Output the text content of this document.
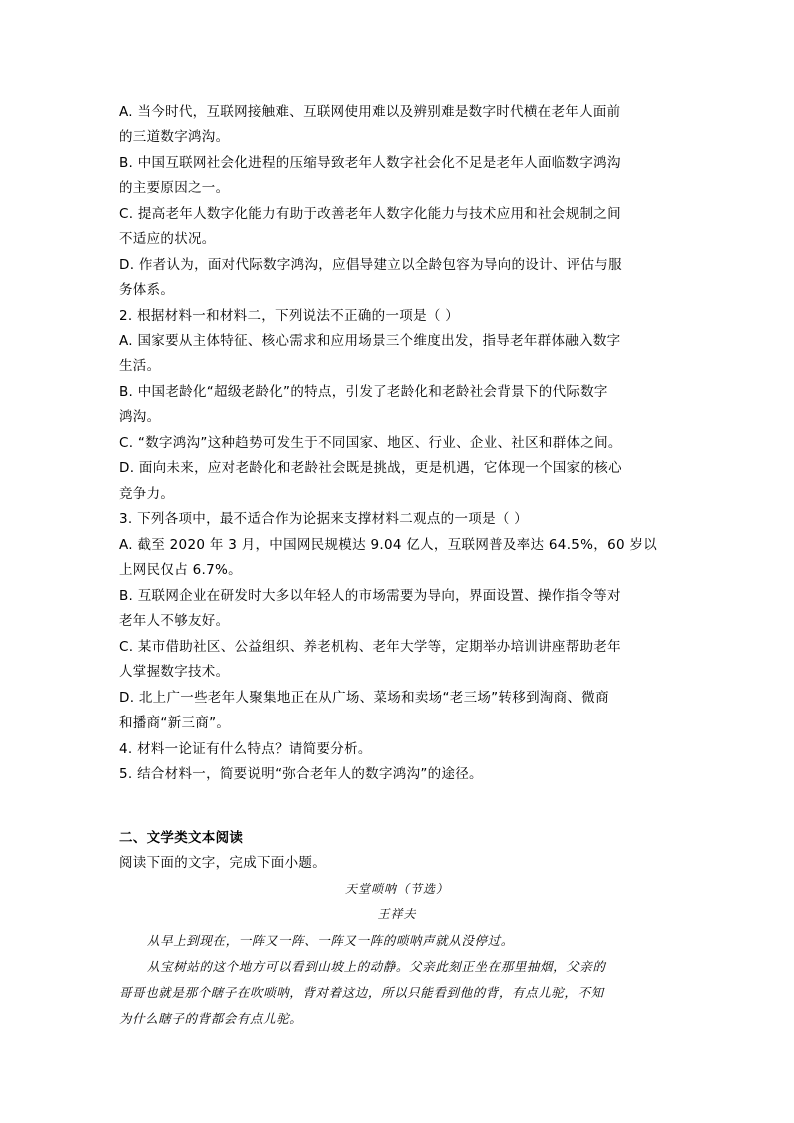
A. 当今时代，互联网接触难、互联网使用难以及辨别难是数字时代横在老年人面前
的三道数字鸿沟。
B. 中国互联网社会化进程的压缩导致老年人数字社会化不足是老年人面临数字鸿沟
的主要原因之一。
C. 提高老年人数字化能力有助于改善老年人数字化能力与技术应用和社会规制之间
不适应的状况。
D. 作者认为，面对代际数字鸿沟，应倡导建立以全龄包容为导向的设计、评估与服
务体系。
2. 根据材料一和材料二，下列说法不正确的一项是（ ）
A. 国家要从主体特征、核心需求和应用场景三个维度出发，指导老年群体融入数字
生活。
B. 中国老龄化“超级老龄化”的特点，引发了老龄化和老龄社会背景下的代际数字
鸿沟。
C. “数字鸿沟”这种趋势可发生于不同国家、地区、行业、企业、社区和群体之间。
D. 面向未来，应对老龄化和老龄社会既是挑战，更是机遇，它体现一个国家的核心
竞争力。
3. 下列各项中，最不适合作为论据来支撑材料二观点的一项是（ ）
A. 截至 2020 年 3 月，中国网民规模达 9.04 亿人，互联网普及率达 64.5%，60 岁以
上网民仅占 6.7%。
B. 互联网企业在研发时大多以年轻人的市场需要为导向，界面设置、操作指令等对
老年人不够友好。
C. 某市借助社区、公益组织、养老机构、老年大学等，定期举办培训讲座帮助老年
人掌握数字技术。
D. 北上广一些老年人聚集地正在从广场、菜场和卖场“老三场”转移到淘商、微商
和播商“新三商”。
4. 材料一论证有什么特点？请简要分析。
5. 结合材料一，简要说明“弥合老年人的数字鸿沟”的途径。
二、文学类文本阅读
阅读下面的文字，完成下面小题。
天堂唢呐（节选）
王祥夫
从早上到现在，一阵又一阵、一阵又一阵的唢呐声就从没停过。
从宝树站的这个地方可以看到山坡上的动静。父亲此刻正坐在那里抽烟，父亲的
哥哥也就是那个瞎子在吹唢呐，背对着这边，所以只能看到他的背，有点儿驼，不知
为什么瞎子的背都会有点儿驼。
